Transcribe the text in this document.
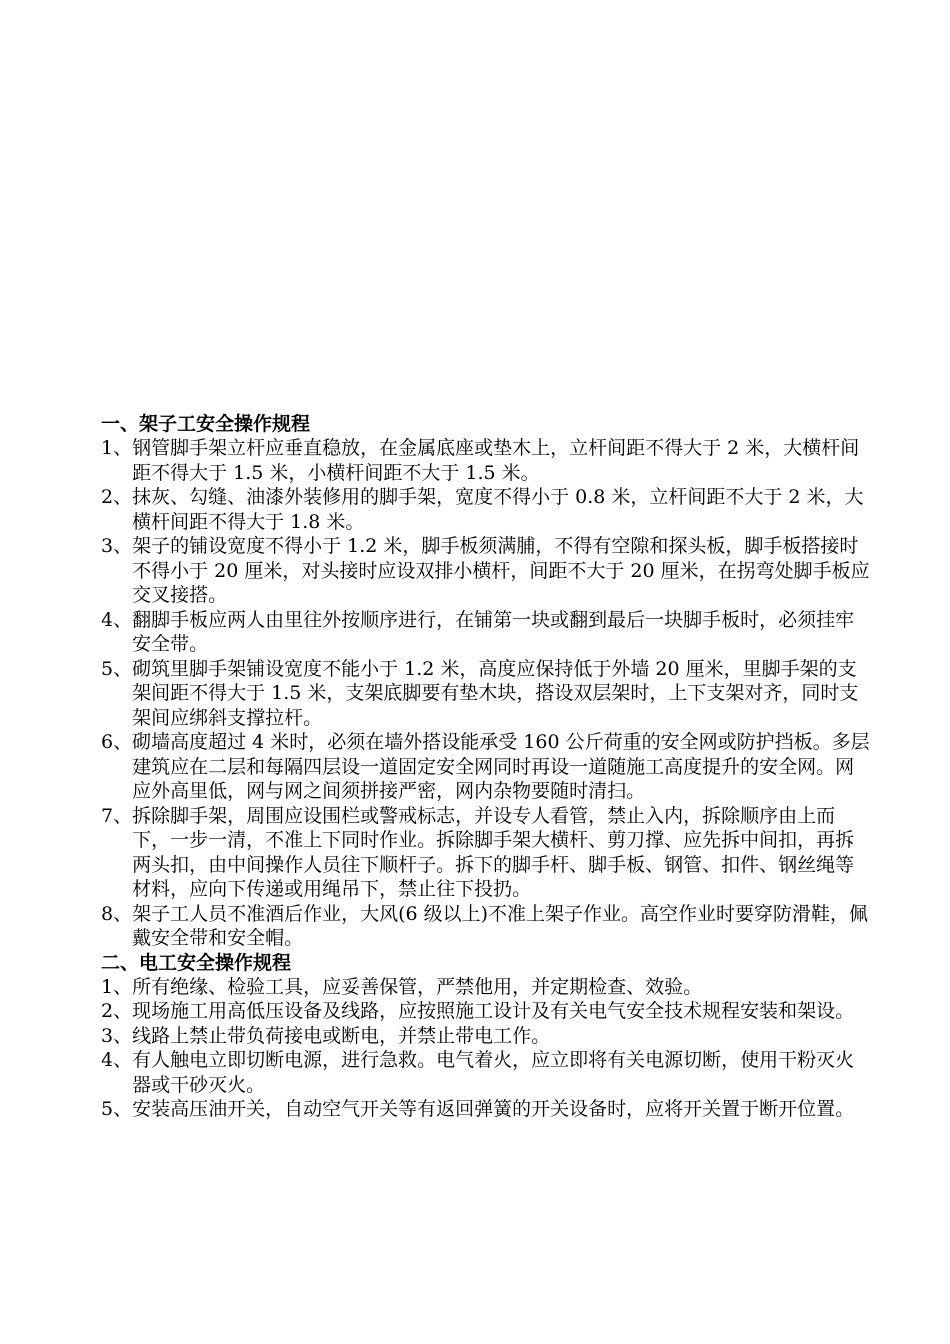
一、架子工安全操作规程

1、 钢管脚手架立杆应垂直稳放，在金属底座或垫木上，立杆间距不得大于 2 米，大横杆间距不得大于 1.5 米，小横杆间距不大于 1.5 米。
2、 抹灰、勾缝、油漆外装修用的脚手架，宽度不得小于 0.8 米，立杆间距不大于 2 米，大横杆间距不得大于 1.8 米。
3、 架子的铺设宽度不得小于 1.2 米，脚手板须满脯，不得有空隙和探头板，脚手板搭接时不得小于 20 厘米，对头接时应设双排小横杆，间距不大于 20 厘米，在拐弯处脚手板应交叉接搭。
4、 翻脚手板应两人由里往外按顺序进行，在铺第一块或翻到最后一块脚手板时，必须挂牢安全带。
5、 砌筑里脚手架铺设宽度不能小于 1.2 米，高度应保持低于外墙 20 厘米，里脚手架的支架间距不得大于 1.5 米，支架底脚要有垫木块，搭设双层架时，上下支架对齐，同时支架间应绑斜支撑拉杆。
6、 砌墙高度超过 4 米时，必须在墙外搭设能承受 160 公斤荷重的安全网或防护挡板。多层建筑应在二层和每隔四层设一道固定安全网同时再设一道随施工高度提升的安全网。网应外高里低，网与网之间须拼接严密，网内杂物要随时清扫。
7、 拆除脚手架，周围应设围栏或警戒标志，并设专人看管，禁止入内，拆除顺序由上而下，一步一清，不准上下同时作业。拆除脚手架大横杆、剪刀撑、应先拆中间扣，再拆两头扣，由中间操作人员往下顺杆子。拆下的脚手杆、脚手板、钢管、扣件、钢丝绳等材料，应向下传递或用绳吊下，禁止往下投扔。
8、 架子工人员不准酒后作业，大风(6 级以上)不准上架子作业。高空作业时要穿防滑鞋，佩戴安全带和安全帽。

二、电工安全操作规程

1、 所有绝缘、检验工具，应妥善保管，严禁他用，并定期检查、效验。
2、 现场施工用高低压设备及线路，应按照施工设计及有关电气安全技术规程安装和架设。
3、 线路上禁止带负荷接电或断电，并禁止带电工作。
4、 有人触电立即切断电源，进行急救。电气着火，应立即将有关电源切断，使用干粉灭火器或干砂灭火。
5、 安装高压油开关，自动空气开关等有返回弹簧的开关设备时，应将开关置于断开位置。
